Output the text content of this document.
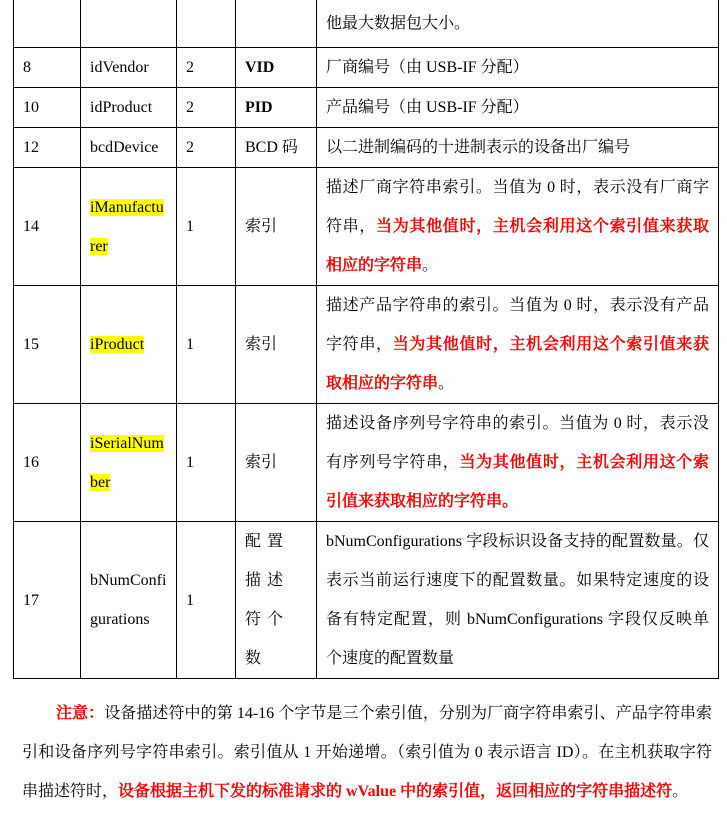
				他最大数据包大小。
8	idVendor	2	VID	厂商编号（由 USB-IF 分配）
10	idProduct	2	PID	产品编号（由 USB-IF 分配）
12	bcdDevice	2	BCD 码	以二进制编码的十进制表示的设备出厂编号
14	iManufacturer	1	索引	描述厂商字符串索引。当值为 0 时，表示没有厂商字符串，当为其他值时，主机会利用这个索引值来获取相应的字符串。
15	iProduct	1	索引	描述产品字符串的索引。当值为 0 时，表示没有产品字符串，当为其他值时，主机会利用这个索引值来获取相应的字符串。
16	iSerialNumber	1	索引	描述设备序列号字符串的索引。当值为 0 时，表示没有序列号字符串，当为其他值时，主机会利用这个索引值来获取相应的字符串。
17	bNumConfigurations	1	配置描述符个数	bNumConfigurations 字段标识设备支持的配置数量。仅表示当前运行速度下的配置数量。如果特定速度的设备有特定配置，则 bNumConfigurations 字段仅反映单个速度的配置数量

注意：设备描述符中的第 14-16 个字节是三个索引值，分别为厂商字符串索引、产品字符串索引和设备序列号字符串索引。索引值从 1 开始递增。（索引值为 0 表示语言 ID）。在主机获取字符串描述符时，设备根据主机下发的标准请求的 wValue 中的索引值，返回相应的字符串描述符。
